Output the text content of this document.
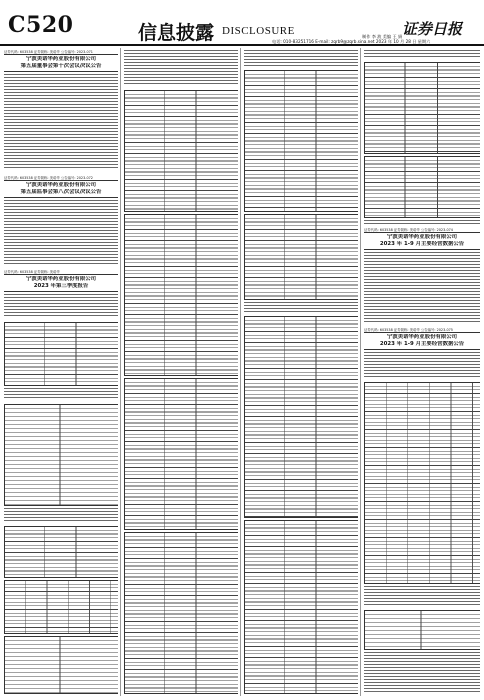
C520	信息披露 DISCLOSURE	证券日报
制作 李 波 美编 王 娟
电话: 010-83251716 E-mail: zqrb9@zqrb.sina.net 2023 年 10 月 28 日 星期六
证券代码: 603538 证券简称: 美诺华 公告编号: 2023-071
宁波美诺华药业股份有限公司
第五届董事会第十次会议决议公告
证券代码: 603538 证券简称: 美诺华 公告编号: 2023-072
宁波美诺华药业股份有限公司
第五届监事会第八次会议决议公告
证券代码: 603538 证券简称: 美诺华
宁波美诺华药业股份有限公司
2023 年第三季度报告
证券代码: 603538 证券简称: 美诺华 公告编号: 2023-074
宁波美诺华药业股份有限公司
2023 年 1-9 月主要经营数据公告
证券代码: 603538 证券简称: 美诺华 公告编号: 2023-075
宁波美诺华药业股份有限公司
2023 年 1-9 月主要经营数据公告
